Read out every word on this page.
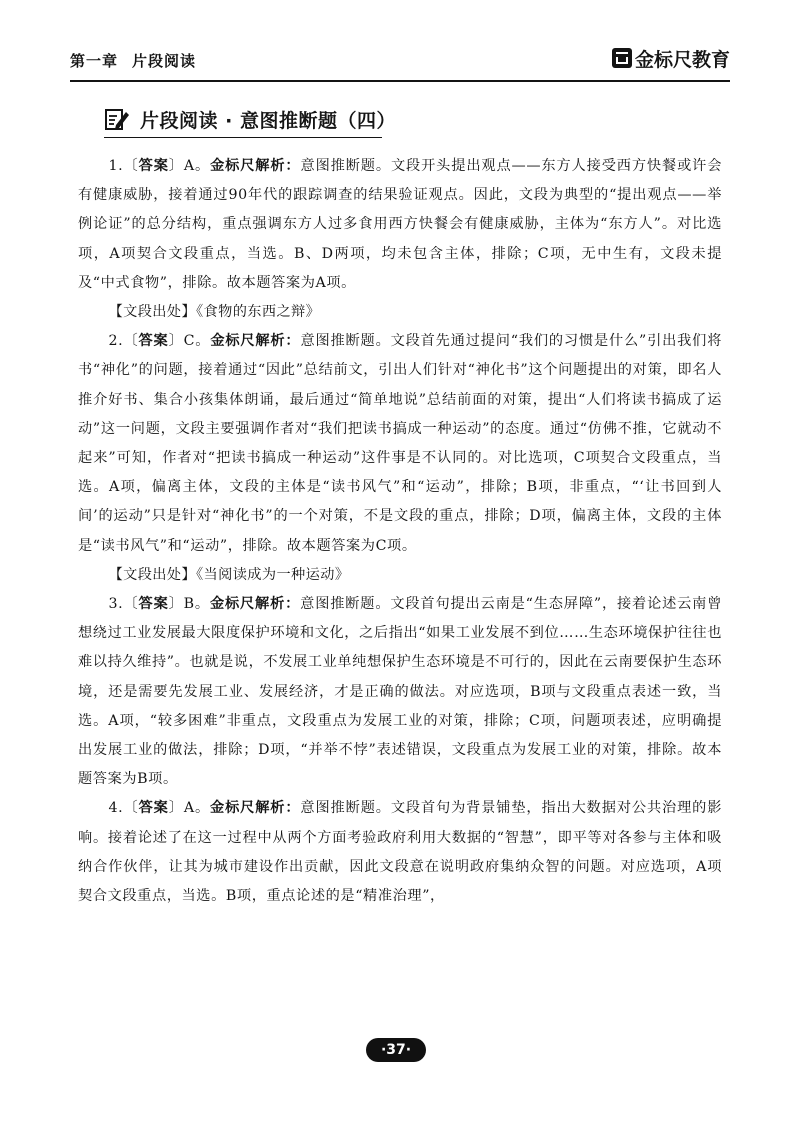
第一章 片段阅读	金标尺教育
片段阅读 · 意图推断题（四）

1.〔答案〕A。金标尺解析：意图推断题。文段开头提出观点——东方人接受西方快餐或许会有健康威胁，接着通过90年代的跟踪调查的结果验证观点。因此，文段为典型的“提出观点——举例论证”的总分结构，重点强调东方人过多食用西方快餐会有健康威胁，主体为“东方人”。对比选项，A项契合文段重点，当选。B、D两项，均未包含主体，排除；C项，无中生有，文段未提及“中式食物”，排除。故本题答案为A项。

【文段出处】《食物的东西之辩》

2.〔答案〕C。金标尺解析：意图推断题。文段首先通过提问“我们的习惯是什么”引出我们将书“神化”的问题，接着通过“因此”总结前文，引出人们针对“神化书”这个问题提出的对策，即名人推介好书、集合小孩集体朗诵，最后通过“简单地说”总结前面的对策，提出“人们将读书搞成了运动”这一问题，文段主要强调作者对“我们把读书搞成一种运动”的态度。通过“仿佛不推，它就动不起来”可知，作者对“把读书搞成一种运动”这件事是不认同的。对比选项，C项契合文段重点，当选。A项，偏离主体，文段的主体是“读书风气”和“运动”，排除；B项，非重点，“‘让书回到人间’的运动”只是针对“神化书”的一个对策，不是文段的重点，排除；D项，偏离主体，文段的主体是“读书风气”和“运动”，排除。故本题答案为C项。

【文段出处】《当阅读成为一种运动》

3.〔答案〕B。金标尺解析：意图推断题。文段首句提出云南是“生态屏障”，接着论述云南曾想绕过工业发展最大限度保护环境和文化，之后指出“如果工业发展不到位……生态环境保护往往也难以持久维持”。也就是说，不发展工业单纯想保护生态环境是不可行的，因此在云南要保护生态环境，还是需要先发展工业、发展经济，才是正确的做法。对应选项，B项与文段重点表述一致，当选。A项，“较多困难”非重点，文段重点为发展工业的对策，排除；C项，问题项表述，应明确提出发展工业的做法，排除；D项，“并举不悖”表述错误，文段重点为发展工业的对策，排除。故本题答案为B项。

4.〔答案〕A。金标尺解析：意图推断题。文段首句为背景铺垫，指出大数据对公共治理的影响。接着论述了在这一过程中从两个方面考验政府利用大数据的“智慧”，即平等对各参与主体和吸纳合作伙伴，让其为城市建设作出贡献，因此文段意在说明政府集纳众智的问题。对应选项，A项契合文段重点，当选。B项，重点论述的是“精准治理”，

·37·
